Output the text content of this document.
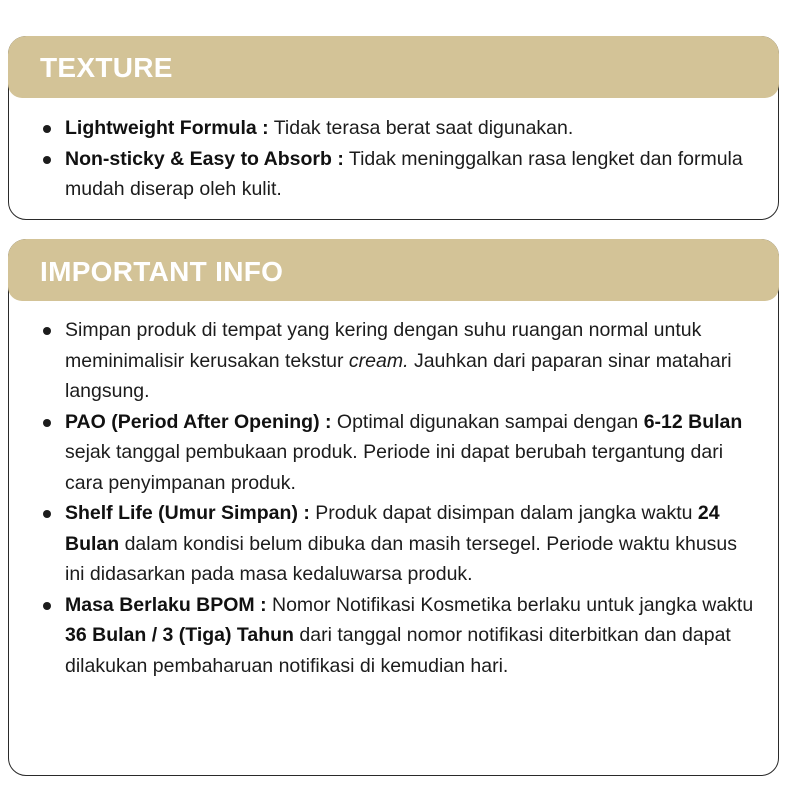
TEXTURE
Lightweight Formula : Tidak terasa berat saat digunakan.
Non-sticky & Easy to Absorb : Tidak meninggalkan rasa lengket dan formula mudah diserap oleh kulit.
IMPORTANT INFO
Simpan produk di tempat yang kering dengan suhu ruangan normal untuk meminimalisir kerusakan tekstur cream. Jauhkan dari paparan sinar matahari langsung.
PAO (Period After Opening) : Optimal digunakan sampai dengan 6-12 Bulan sejak tanggal pembukaan produk. Periode ini dapat berubah tergantung dari cara penyimpanan produk.
Shelf Life (Umur Simpan) : Produk dapat disimpan dalam jangka waktu 24 Bulan dalam kondisi belum dibuka dan masih tersegel. Periode waktu khusus ini didasarkan pada masa kedaluwarsa produk.
Masa Berlaku BPOM : Nomor Notifikasi Kosmetika berlaku untuk jangka waktu 36 Bulan / 3 (Tiga) Tahun dari tanggal nomor notifikasi diterbitkan dan dapat dilakukan pembaharuan notifikasi di kemudian hari.
